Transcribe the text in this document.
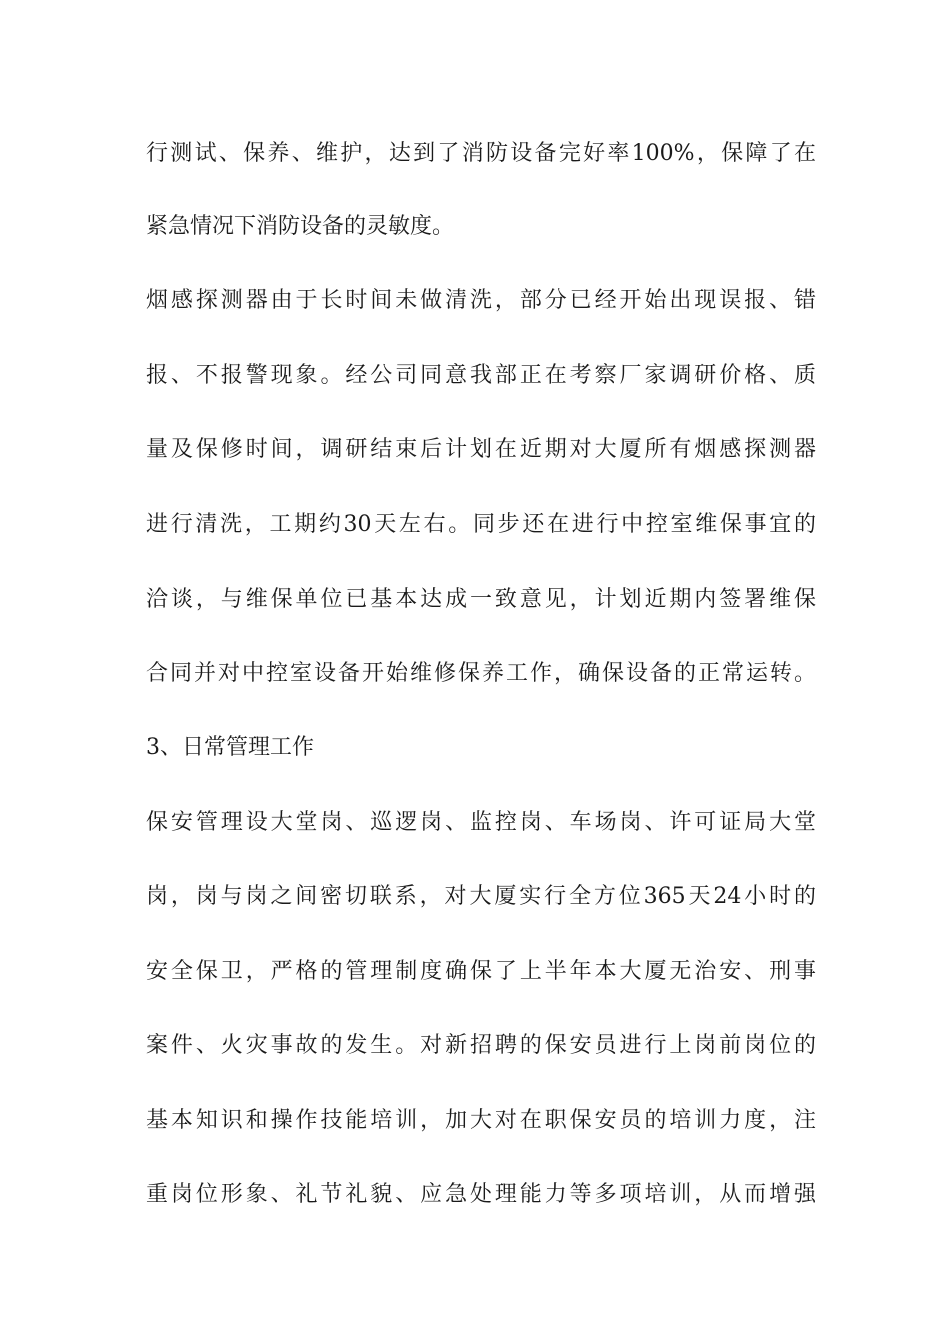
行测试、保养、维护，达到了消防设备完好率100%，保障了在
紧急情况下消防设备的灵敏度。
烟感探测器由于长时间未做清洗，部分已经开始出现误报、错
报、不报警现象。经公司同意我部正在考察厂家调研价格、质
量及保修时间，调研结束后计划在近期对大厦所有烟感探测器
进行清洗，工期约30天左右。同步还在进行中控室维保事宜的
洽谈，与维保单位已基本达成一致意见，计划近期内签署维保
合同并对中控室设备开始维修保养工作，确保设备的正常运转。
3、日常管理工作
保安管理设大堂岗、巡逻岗、监控岗、车场岗、许可证局大堂
岗，岗与岗之间密切联系，对大厦实行全方位365天24小时的
安全保卫，严格的管理制度确保了上半年本大厦无治安、刑事
案件、火灾事故的发生。对新招聘的保安员进行上岗前岗位的
基本知识和操作技能培训，加大对在职保安员的培训力度，注
重岗位形象、礼节礼貌、应急处理能力等多项培训，从而增强
